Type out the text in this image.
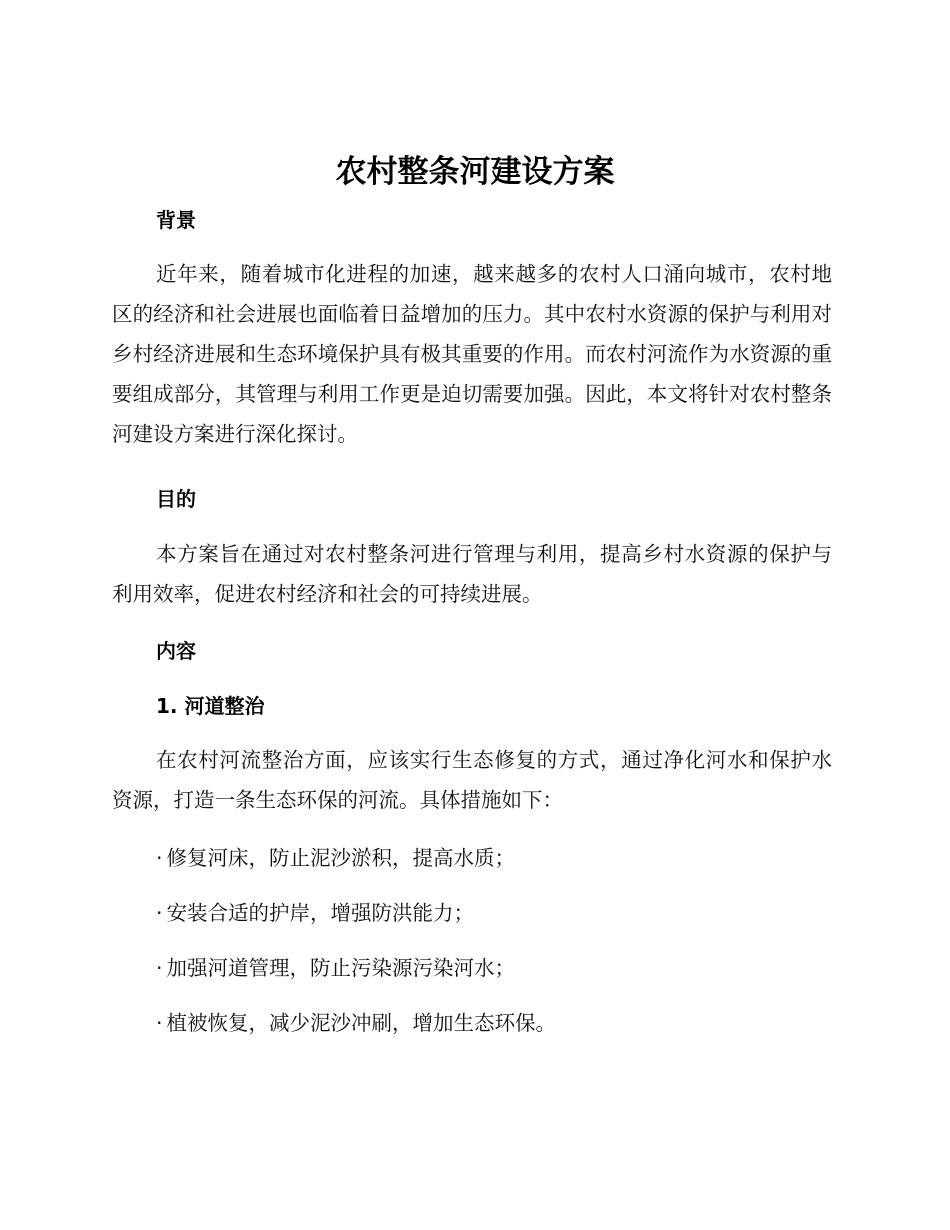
农村整条河建设方案
背景

近年来，随着城市化进程的加速，越来越多的农村人口涌向城市，农村地区的经济和社会进展也面临着日益增加的压力。其中农村水资源的保护与利用对乡村经济进展和生态环境保护具有极其重要的作用。而农村河流作为水资源的重要组成部分，其管理与利用工作更是迫切需要加强。因此，本文将针对农村整条河建设方案进行深化探讨。

目的

本方案旨在通过对农村整条河进行管理与利用，提高乡村水资源的保护与利用效率，促进农村经济和社会的可持续进展。

内容
1. 河道整治

在农村河流整治方面，应该实行生态修复的方式，通过净化河水和保护水资源，打造一条生态环保的河流。具体措施如下：

· 修复河床，防止泥沙淤积，提高水质；
· 安装合适的护岸，增强防洪能力；
· 加强河道管理，防止污染源污染河水；
· 植被恢复，减少泥沙冲刷，增加生态环保。
